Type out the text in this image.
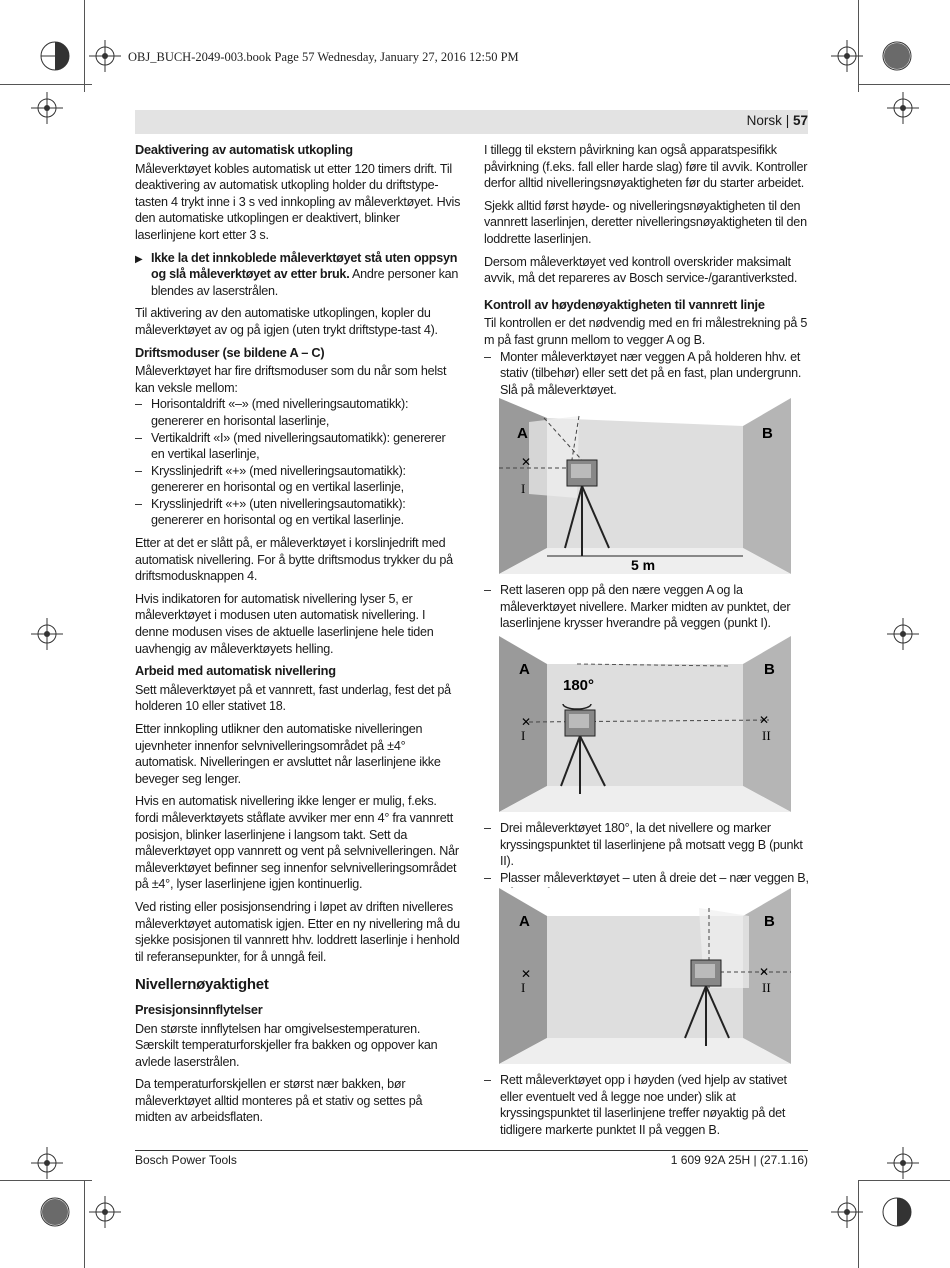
OBJ_BUCH-2049-003.book Page 57 Wednesday, January 27, 2016 12:50 PM
Norsk | 57
Deaktivering av automatisk utkopling

Måleverktøyet kobles automatisk ut etter 120 timers drift. Til deaktivering av automatisk utkopling holder du driftstype-tasten 4 trykt inne i 3 s ved innkopling av måleverktøyet. Hvis den automatiske utkoplingen er deaktivert, blinker laserlinjene kort etter 3 s.

▶ Ikke la det innkoblede måleverktøyet stå uten oppsyn og slå måleverktøyet av etter bruk. Andre personer kan blendes av laserstrålen.

Til aktivering av den automatiske utkoplingen, kopler du måleverktøyet av og på igjen (uten trykt driftstype-tast 4).

Driftsmoduser (se bildene A – C)

Måleverktøyet har fire driftsmoduser som du når som helst kan veksle mellom:

– Horisontaldrift «–» (med nivelleringsautomatikk): genererer en horisontal laserlinje,
– Vertikaldrift «I» (med nivelleringsautomatikk): genererer en vertikal laserlinje,
– Krysslinjedrift «+» (med nivelleringsautomatikk): genererer en horisontal og en vertikal laserlinje,
– Krysslinjedrift «+» (uten nivelleringsautomatikk): genererer en horisontal og en vertikal laserlinje.

Etter at det er slått på, er måleverktøyet i korslinjedrift med automatisk nivellering. For å bytte driftsmodus trykker du på driftsmodusknappen 4.

Hvis indikatoren for automatisk nivellering lyser 5, er måleverktøyet i modusen uten automatisk nivellering. I denne modusen vises de aktuelle laserlinjene hele tiden uavhengig av måleverktøyets helling.

Arbeid med automatisk nivellering

Sett måleverktøyet på et vannrett, fast underlag, fest det på holderen 10 eller stativet 18.

Etter innkopling utlikner den automatiske nivelleringen ujevnheter innenfor selvnivelleringsområdet på ±4° automatisk. Nivelleringen er avsluttet når laserlinjene ikke beveger seg lenger.

Hvis en automatisk nivellering ikke lenger er mulig, f.eks. fordi måleverktøyets ståflate avviker mer enn 4° fra vannrett posisjon, blinker laserlinjene i langsom takt. Sett da måleverktøyet opp vannrett og vent på selvnivelleringen. Når måleverktøyet befinner seg innenfor selvnivelleringsområdet på ±4°, lyser laserlinjene igjen kontinuerlig.

Ved risting eller posisjonsendring i løpet av driften nivelleres måleverktøyet automatisk igjen. Etter en ny nivellering må du sjekke posisjonen til vannrett hhv. loddrett laserlinje i henhold til referansepunkter, for å unngå feil.

Nivellernøyaktighet
Presisjonsinnflytelser

Den største innflytelsen har omgivelsestemperaturen. Særskilt temperaturforskjeller fra bakken og oppover kan avlede laserstrålen.

Da temperaturforskjellen er størst nær bakken, bør måleverktøyet alltid monteres på et stativ og settes på midten av arbeidsflaten.

I tillegg til ekstern påvirkning kan også apparatspesifikk påvirkning (f.eks. fall eller harde slag) føre til avvik. Kontroller derfor alltid nivelleringsnøyaktigheten før du starter arbeidet.

Sjekk alltid først høyde- og nivelleringsnøyaktigheten til den vannrett laserlinjen, deretter nivelleringsnøyaktigheten til den loddrette laserlinjen.

Dersom måleverktøyet ved kontroll overskrider maksimalt avvik, må det repareres av Bosch service-/garantiverksted.

Kontroll av høydenøyaktigheten til vannrett linje

Til kontrollen er det nødvendig med en fri målestrekning på 5 m på fast grunn mellom to vegger A og B.

– Monter måleverktøyet nær veggen A på holderen hhv. et stativ (tilbehør) eller sett det på en fast, plan undergrunn. Slå på måleverktøyet.
A	B
✕
I
5 m
– Rett laseren opp på den nære veggen A og la måleverktøyet nivellere. Marker midten av punktet, der laserlinjene krysser hverandre på veggen (punkt I).
180°
A	B
✕
I
✕
II
– Drei måleverktøyet 180°, la det nivellere og marker kryssingspunktet til laserlinjene på motsatt vegg B (punkt II).
– Plasser måleverktøyet – uten å dreie det – nær veggen B,
A	B
✕
I
✕
II
– Rett måleverktøyet opp i høyden (ved hjelp av stativet eller eventuelt ved å legge noe under) slik at kryssingspunktet til laserlinjene treffer nøyaktig på det tidligere markerte punktet II på veggen B.
Bosch Power Tools	1 609 92A 25H | (27.1.16)
